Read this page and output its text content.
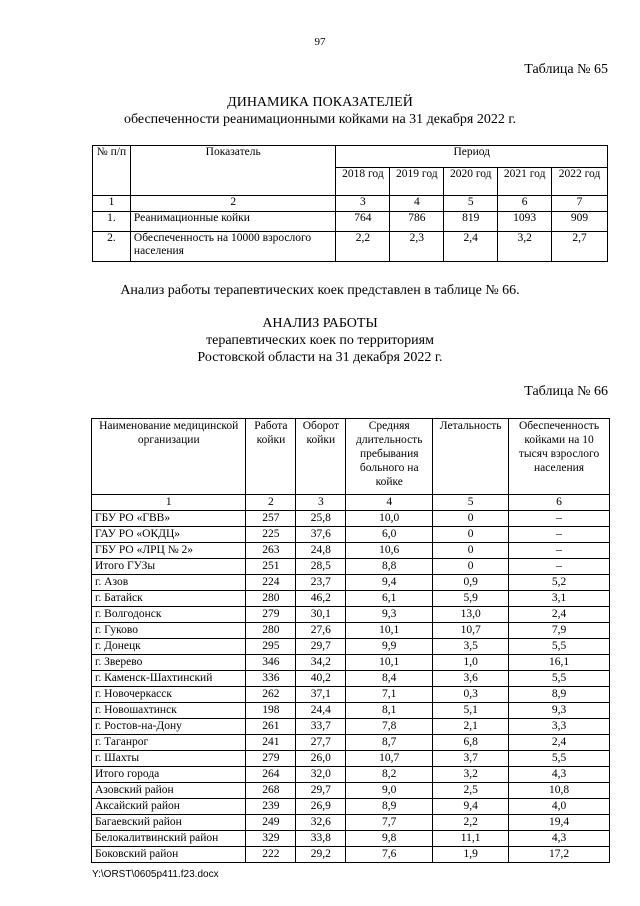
97
Таблица № 65
ДИНАМИКА ПОКАЗАТЕЛЕЙ
обеспеченности реанимационными койками на 31 декабря 2022 г.
№ п/п	Показатель	Период				
		2018 год	2019 год	2020 год	2021 год	2022 год
1	2	3	4	5	6	7
1.	Реанимационные койки	764	786	819	1093	909
2.	Обеспеченность на 10000 взрослого населения	2,2	2,3	2,4	3,2	2,7
Анализ работы терапевтических коек представлен в таблице № 66.
АНАЛИЗ РАБОТЫ
терапевтических коек по территориям
Ростовской области на 31 декабря 2022 г.
Таблица № 66
Наименование медицинской организации	Работа койки	Оборот койки	Средняя длительность пребывания больного на койке	Летальность	Обеспеченность койками на 10 тысяч взрослого населения
1	2	3	4	5	6
ГБУ РО «ГВВ»	257	25,8	10,0	0	–
ГАУ РО «ОКДЦ»	225	37,6	6,0	0	–
ГБУ РО «ЛРЦ № 2»	263	24,8	10,6	0	–
Итого ГУЗы	251	28,5	8,8	0	–
г. Азов	224	23,7	9,4	0,9	5,2
г. Батайск	280	46,2	6,1	5,9	3,1
г. Волгодонск	279	30,1	9,3	13,0	2,4
г. Гуково	280	27,6	10,1	10,7	7,9
г. Донецк	295	29,7	9,9	3,5	5,5
г. Зверево	346	34,2	10,1	1,0	16,1
г. Каменск-Шахтинский	336	40,2	8,4	3,6	5,5
г. Новочеркасск	262	37,1	7,1	0,3	8,9
г. Новошахтинск	198	24,4	8,1	5,1	9,3
г. Ростов-на-Дону	261	33,7	7,8	2,1	3,3
г. Таганрог	241	27,7	8,7	6,8	2,4
г. Шахты	279	26,0	10,7	3,7	5,5
Итого города	264	32,0	8,2	3,2	4,3
Азовский район	268	29,7	9,0	2,5	10,8
Аксайский район	239	26,9	8,9	9,4	4,0
Багаевский район	249	32,6	7,7	2,2	19,4
Белокалитвинский район	329	33,8	9,8	11,1	4,3
Боковский район	222	29,2	7,6	1,9	17,2
Y:\ORST\0605p411.f23.docx
